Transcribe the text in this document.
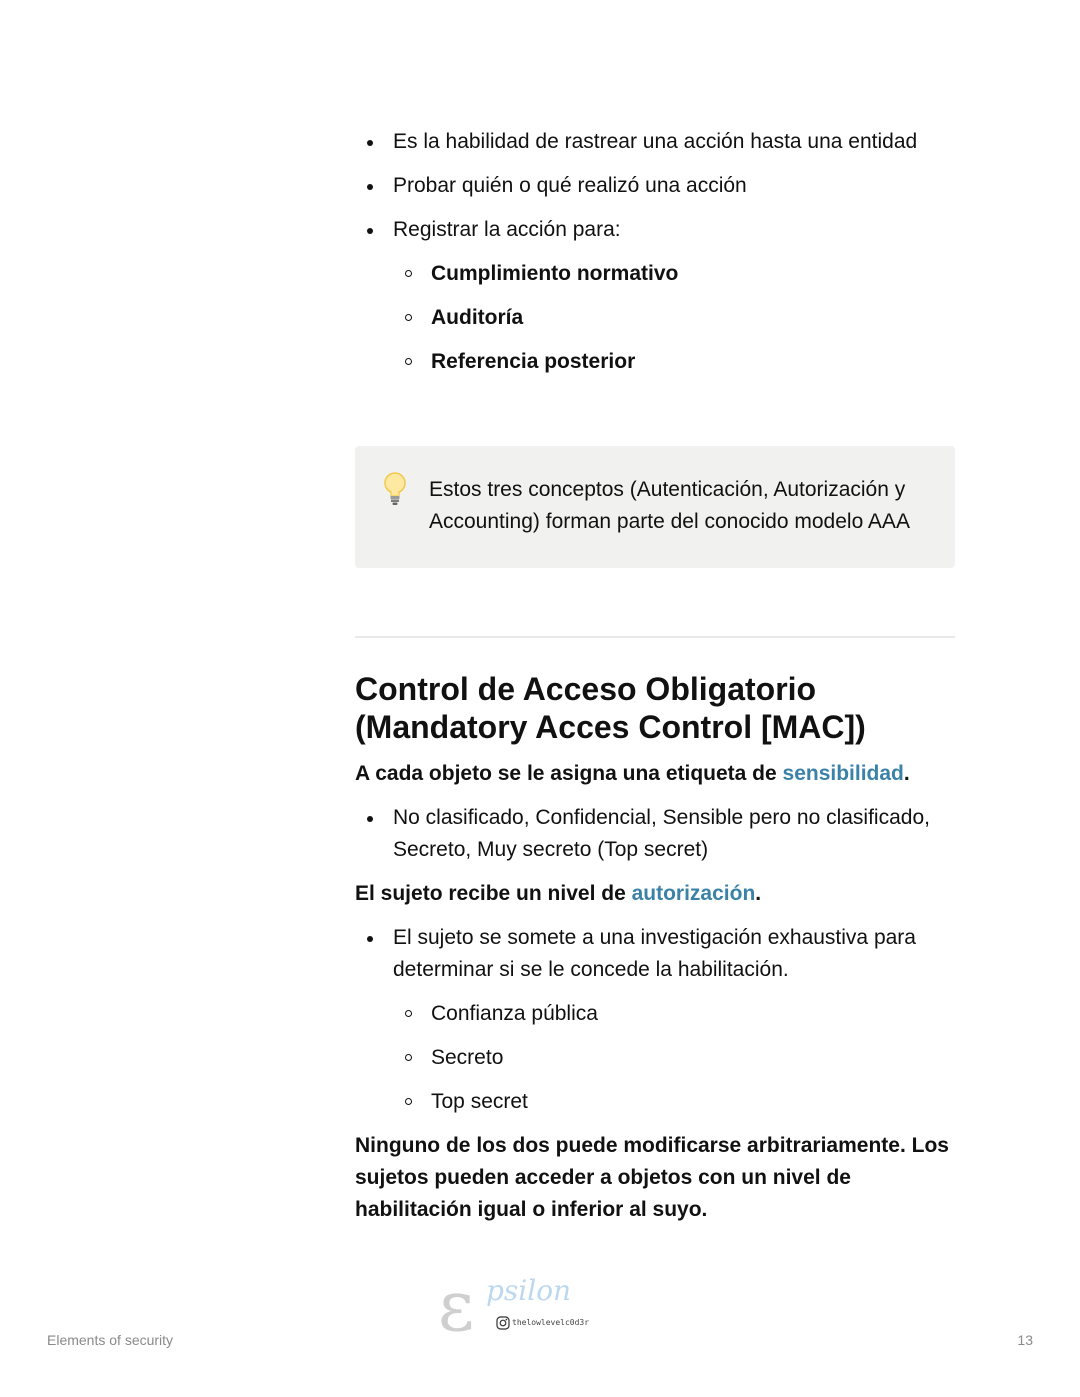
Es la habilidad de rastrear una acción hasta una entidad
Probar quién o qué realizó una acción
Registrar la acción para:
Cumplimiento normativo
Auditoría
Referencia posterior
Estos tres conceptos (Autenticación, Autorización y Accounting) forman parte del conocido modelo AAA
Control de Acceso Obligatorio (Mandatory Acces Control [MAC])

A cada objeto se le asigna una etiqueta de sensibilidad.

No clasificado, Confidencial, Sensible pero no clasificado, Secreto, Muy secreto (Top secret)

El sujeto recibe un nivel de autorización.

El sujeto se somete a una investigación exhaustiva para determinar si se le concede la habilitación.
Confianza pública
Secreto
Top secret

Ninguno de los dos puede modificarse arbitrariamente. Los sujetos pueden acceder a objetos con un nivel de habilitación igual o inferior al suyo.

ε psilon
thelowlevelc0d3r
Elements of security	13
